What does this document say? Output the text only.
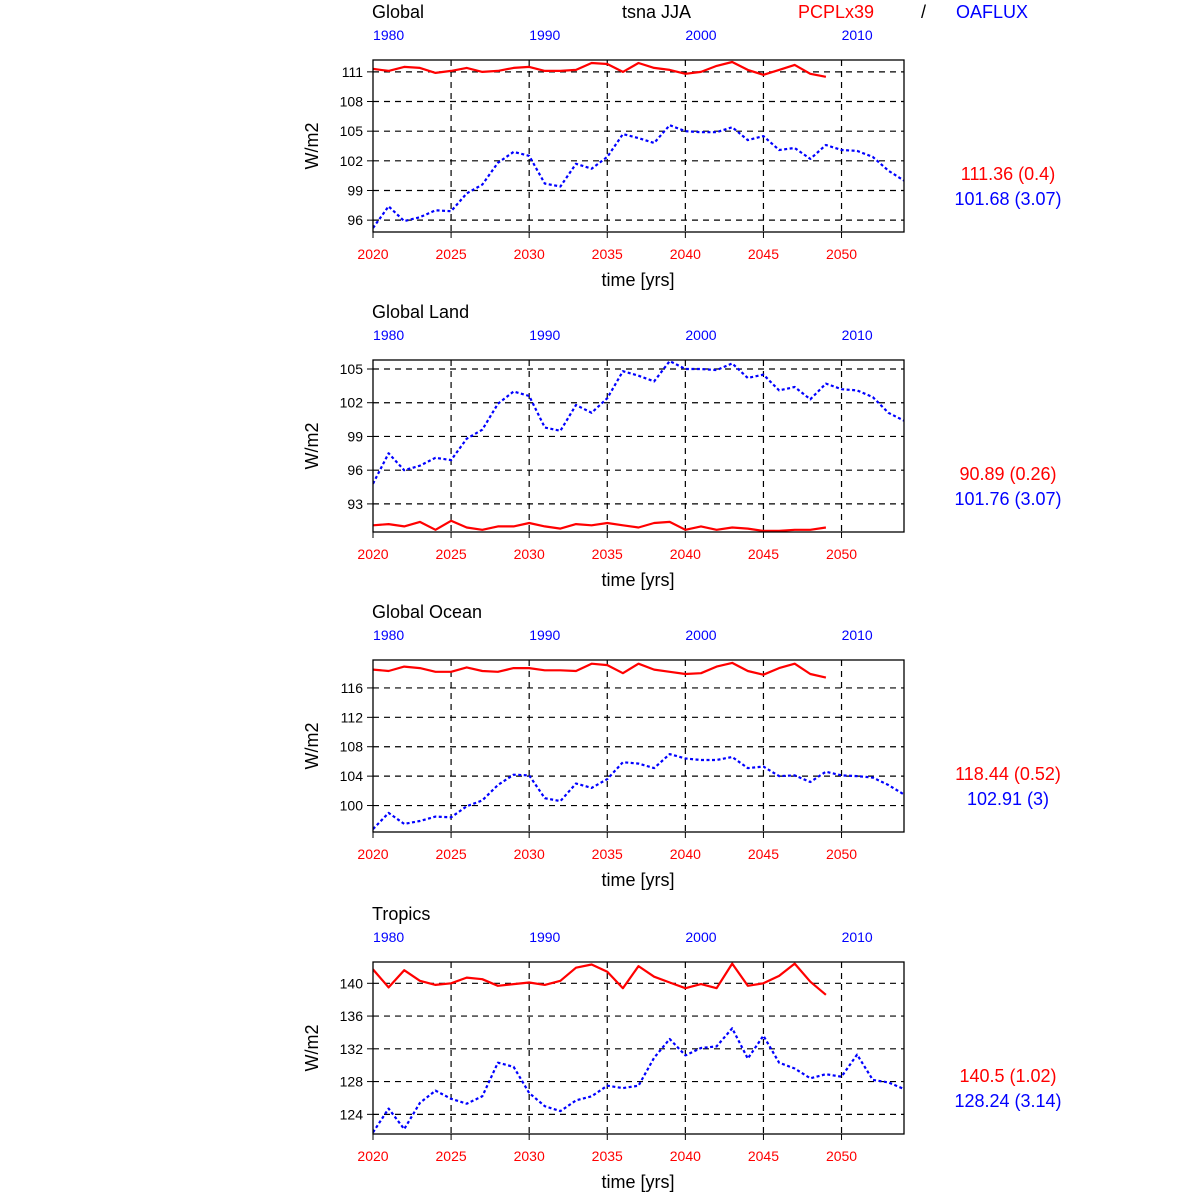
Global	tsna JJA	PCPLx39	/ OAFLUX
1980	1990	2000	2010
96
99
102
105
108
111
2020	2025	2030	2035	2040	2045	2050
time [yrs]
W/m2
111.36 (0.4)
101.68 (3.07)
Global Land
1980	1990	2000	2010
93
96
99
102
105
2020	2025	2030	2035	2040	2045	2050
time [yrs]
W/m2
90.89 (0.26)
101.76 (3.07)
Global Ocean
1980	1990	2000	2010
100
104
108
112
116
2020	2025	2030	2035	2040	2045	2050
time [yrs]
W/m2
118.44 (0.52)
102.91 (3)
Tropics
1980	1990	2000	2010
124
128
132
136
140
2020	2025	2030	2035	2040	2045	2050
time [yrs]
W/m2
140.5 (1.02)
128.24 (3.14)
